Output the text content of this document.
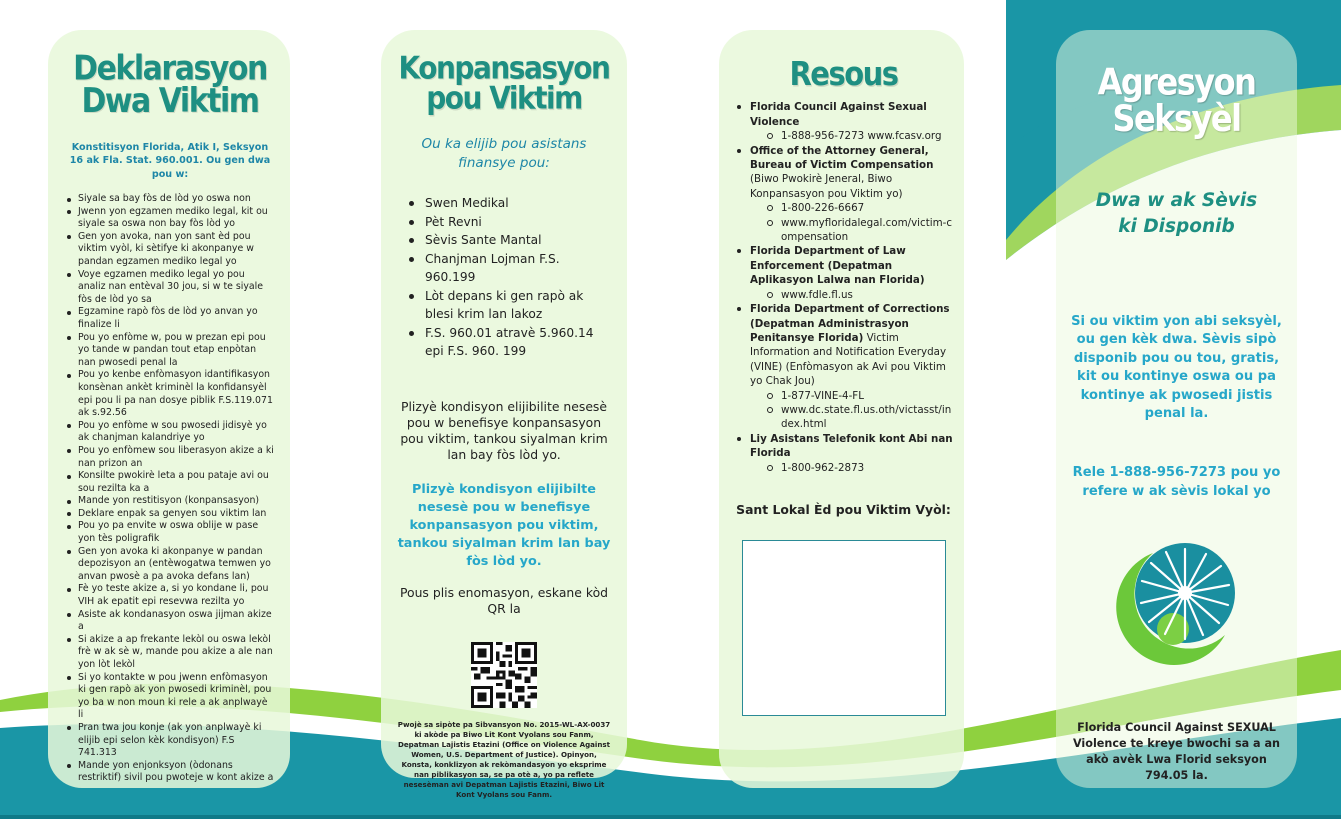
Deklarasyon
Dwa Viktim
Konstitisyon Florida, Atik I, Seksyon 16 ak Fla. Stat. 960.001. Ou gen dwa pou w:
Siyale sa bay fòs de lòd yo oswa non
Jwenn yon egzamen mediko legal, kit ou siyale sa oswa non bay fòs lòd yo
Gen yon avoka, nan yon sant èd pou viktim vyòl, ki sètifye ki akonpanye w pandan egzamen mediko legal yo
Voye egzamen mediko legal yo pou analiz nan entèval 30 jou, si w te siyale fòs de lòd yo sa
Egzamine rapò fòs de lòd yo anvan yo finalize li
Pou yo enfòme w, pou w prezan epi pou yo tande w pandan tout etap enpòtan nan pwosedi penal la
Pou yo kenbe enfòmasyon idantifikasyon konsènan ankèt kriminèl la konfidansyèl epi pou li pa nan dosye piblik F.S.119.071 ak s.92.56
Pou yo enfòme w sou pwosedi jidisyè yo ak chanjman kalandriye yo
Pou yo enfòmew sou liberasyon akize a ki nan prizon an
Konsilte pwokirè leta a pou pataje avi ou sou rezilta ka a
Mande yon restitisyon (konpansasyon)
Deklare enpak sa genyen sou viktim lan
Pou yo pa envite w oswa oblije w pase yon tès poligrafik
Gen yon avoka ki akonpanye w pandan depozisyon an (entèwogatwa temwen yo anvan pwosè a pa avoka defans lan)
Fè yo teste akize a, si yo kondane li, pou VIH ak epatit epi resevwa rezilta yo
Asiste ak kondanasyon oswa jijman akize a
Si akize a ap frekante lekòl ou oswa lekòl frè w ak sè w, mande pou akize a ale nan yon lòt lekòl
Si yo kontakte w pou jwenn enfòmasyon ki gen rapò ak yon pwosedi kriminèl, pou yo ba w non moun ki rele a ak anplwayè li
Pran twa jou konje (ak yon anplwayè ki elijib epi selon kèk kondisyon) F.S 741.313
Mande yon enjonksyon (òdonans restriktif) sivil pou pwoteje w kont akize a
Konpansasyon
pou Viktim
Ou ka elijib pou asistans finansye pou:
Swen Medikal
Pèt Revni
Sèvis Sante Mantal
Chanjman Lojman F.S. 960.199
Lòt depans ki gen rapò ak blesi krim lan lakoz
F.S. 960.01 atravè 5.960.14 epi F.S. 960. 199
Plizyè kondisyon elijibilite nesesè pou w benefisye konpansasyon pou viktim, tankou siyalman krim lan bay fòs lòd yo.
Plizyè kondisyon elijibilte nesesè pou w benefisye konpansasyon pou viktim, tankou siyalman krim lan bay fòs lòd yo.
Pous plis enomasyon, eskane kòd QR la
Pwojè sa sipòte pa Sibvansyon No. 2015-WL-AX-0037 ki akòde pa Biwo Lit Kont Vyolans sou Fanm, Depatman Lajistis Etazini (Office on Violence Against Women, U.S. Department of Justice). Opinyon, Konsta, konklizyon ak rekòmandasyon yo eksprime nan piblikasyon sa, se pa otè a, yo pa reflete nesesèman avi Depatman Lajistis Etazini, Biwo Lit Kont Vyolans sou Fanm.
Resous
Florida Council Against Sexual Violence
1-888-956-7273 www.fcasv.org
Office of the Attorney General, Bureau of Victim Compensation (Biwo Pwokirè Jeneral, Biwo Konpansasyon pou Viktim yo)
1-800-226-6667
www.myfloridalegal.com/victim-compensation
Florida Department of Law Enforcement (Depatman Aplikasyon Lalwa nan Florida)
www.fdle.fl.us
Florida Department of Corrections (Depatman Administrasyon Penitansye Florida) Victim Information and Notification Everyday (VINE) (Enfòmasyon ak Avi pou Viktim yo Chak Jou)
1-877-VINE-4-FL
www.dc.state.fl.us.oth/victasst/index.html
Liy Asistans Telefonik kont Abi nan Florida
1-800-962-2873
Sant Lokal Èd pou Viktim Vyòl:
Agresyon
Seksyèl
Dwa w ak Sèvis
ki Disponib
Si ou viktim yon abi seksyèl, ou gen kèk dwa. Sèvis sipò disponib pou ou tou, gratis, kit ou kontinye oswa ou pa kontinye ak pwosedi jistis penal la.
Rele 1-888-956-7273 pou yo refere w ak sèvis lokal yo
Florida Council Against SEXUAL Violence te kreye bwochi sa a an akò avèk Lwa Florid seksyon 794.05 la.
